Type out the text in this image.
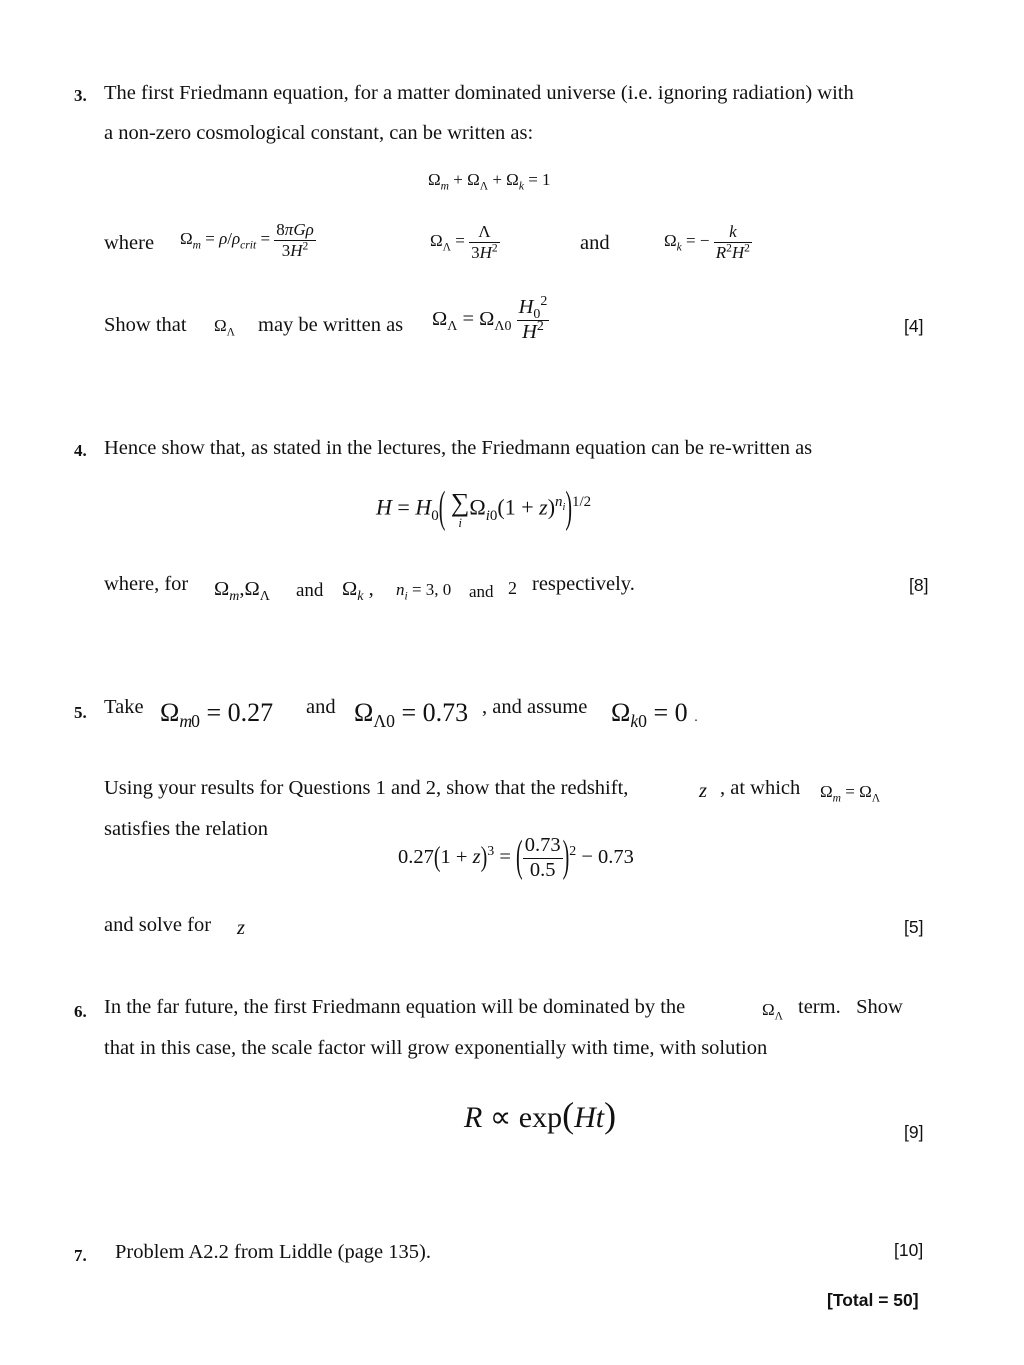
3. The first Friedmann equation, for a matter dominated universe (i.e. ignoring radiation) with
a non-zero cosmological constant, can be written as:
$\Omega_m + \Omega_\Lambda + \Omega_k = 1$
where $\Omega_m = \rho/\rho_{crit} = \frac{\text{8πGρ}}{3H^2}$	$\Omega_\Lambda = \frac{\Lambda}{3H^2}$	and	$\Omega_k$ = − $\frac{k}{R^2H^2}$
Show that $\Omega_\Lambda$ may be written as $\Omega_\Lambda = \Omega_{\Lambda 0} \frac{H_0^2}{H^2}$	[4]
4. Hence show that, as stated in the lectures, the Friedmann equation can be re-written as
$H = H_0$( ∑
i
$\Omega_{i0}(1 + z)^{n_i})^{1/2}$
where, for $\Omega_m,\Omega_\Lambda$ and $\Omega_k$ , $n_i = 3$, 0 and 2 respectively.	[8]
5. Take $\Omega_{m0} = 0.27$ and $\Omega_{\Lambda 0} = 0.73$ , and assume $\Omega_{k0} = 0$ .
Using your results for Questions 1 and 2, show that the redshift,	z , at which $\Omega_m = \Omega_\Lambda$
satisfies the relation
$0.27(1 + z)^3$ = ( $\frac{0.73}{0.5} )^2 - 0.73$
and solve for z	[5]
6. In the far future, the first Friedmann equation will be dominated by the	$\Omega_\Lambda$ term.   Show
that in this case, the scale factor will grow exponentially with time, with solution
R ∝ exp(Ht)	[9]
7. Problem A2.2 from Liddle (page 135).	[10]
[Total = 50]
